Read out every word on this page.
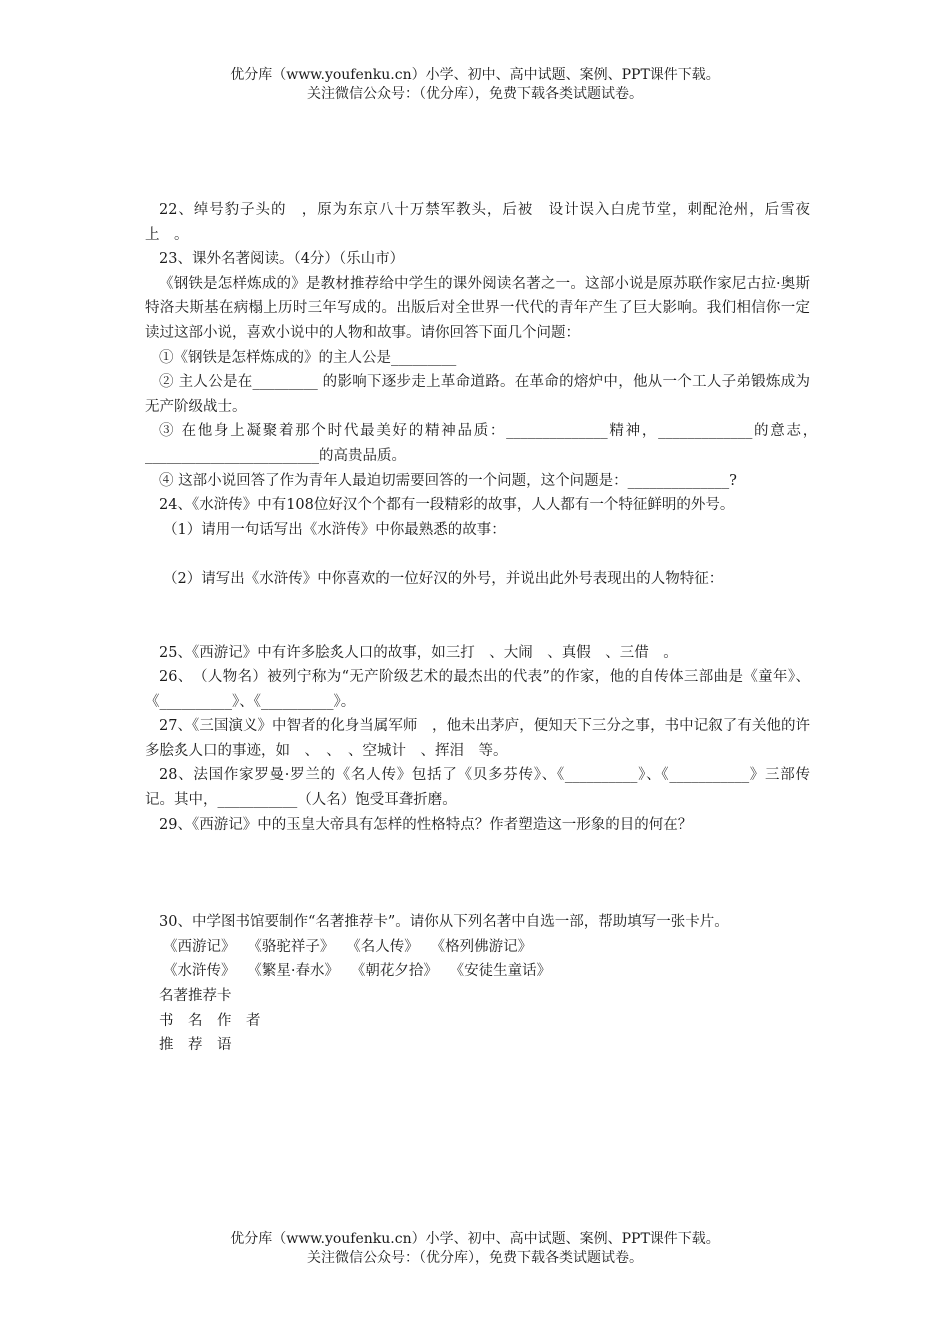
优分库（www.youfenku.cn）小学、初中、高中试题、案例、PPT课件下载。
关注微信公众号：（优分库），免费下载各类试题试卷。

22、绰号豹子头的　，原为东京八十万禁军教头，后被　设计误入白虎节堂，刺配沧州，后雪夜上　。

23、课外名著阅读。（4分）（乐山市）

《钢铁是怎样炼成的》是教材推荐给中学生的课外阅读名著之一。这部小说是原苏联作家尼古拉·奥斯特洛夫斯基在病榻上历时三年写成的。出版后对全世界一代代的青年产生了巨大影响。我们相信你一定读过这部小说，喜欢小说中的人物和故事。请你回答下面几个问题：

①《钢铁是怎样炼成的》的主人公是_________

② 主人公是在_________ 的影响下逐步走上革命道路。在革命的熔炉中，他从一个工人子弟锻炼成为无产阶级战士。

③ 在他身上凝聚着那个时代最美好的精神品质：______________精神，_____________的意志，　 ________________________的高贵品质。

④ 这部小说回答了作为青年人最迫切需要回答的一个问题，这个问题是：______________?

24、《水浒传》中有108位好汉个个都有一段精彩的故事，人人都有一个特征鲜明的外号。

（1）请用一句话写出《水浒传》中你最熟悉的故事：

（2）请写出《水浒传》中你喜欢的一位好汉的外号，并说出此外号表现出的人物特征：

25、《西游记》中有许多脍炙人口的故事，如三打　、大闹　、真假　、三借　。

26、　（人物名）被列宁称为“无产阶级艺术的最杰出的代表”的作家，他的自传体三部曲是《童年》、《__________》、《__________》。

27、《三国演义》中智者的化身当属军师　，他未出茅庐，便知天下三分之事，书中记叙了有关他的许多脍炙人口的事迹，如　、　、　、空城计　、挥泪　等。

28、法国作家罗曼·罗兰的《名人传》包括了《贝多芬传》、《__________》、《___________》三部传记。其中，___________（人名）饱受耳聋折磨。

29、《西游记》中的玉皇大帝具有怎样的性格特点？作者塑造这一形象的目的何在？

30、中学图书馆要制作“名著推荐卡”。请你从下列名著中自选一部，帮助填写一张卡片。

《西游记》　 《骆驼祥子》　 《名人传》　 《格列佛游记》

《水浒传》　 《繁星·春水》　 《朝花夕拾》　 《安徒生童话》

名著推荐卡

书　名　作　者

推　荐　语

优分库（www.youfenku.cn）小学、初中、高中试题、案例、PPT课件下载。
关注微信公众号：（优分库），免费下载各类试题试卷。
